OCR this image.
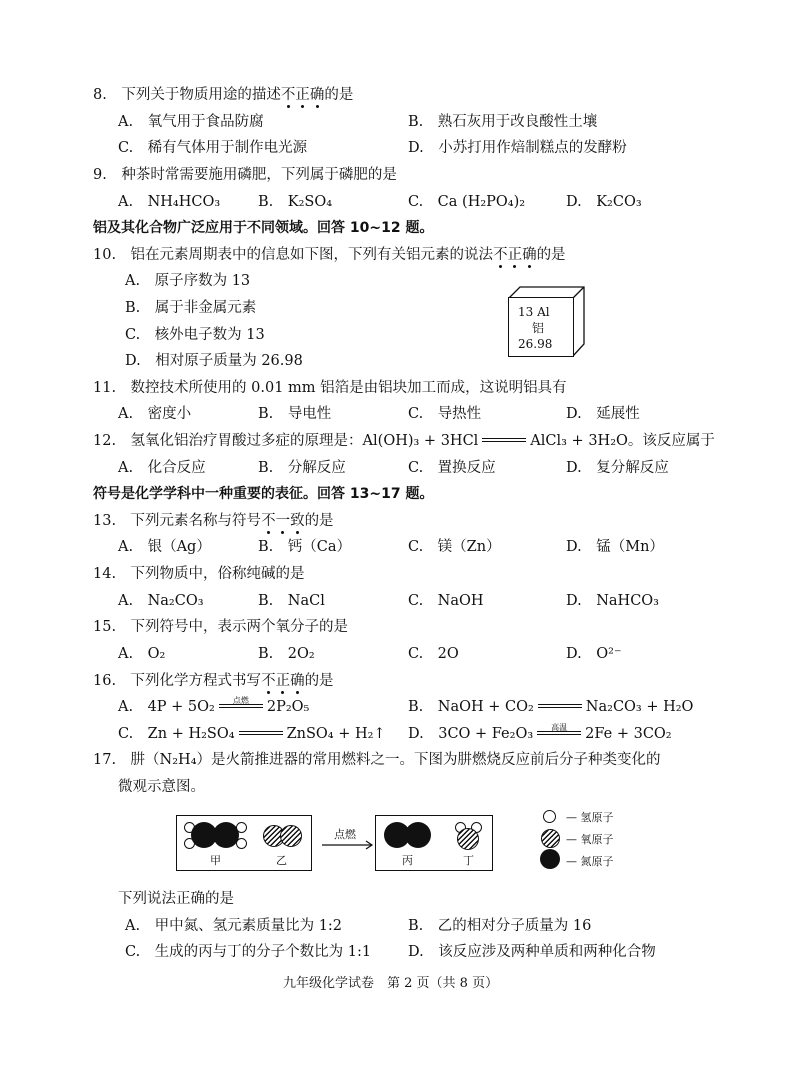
8.　下列关于物质用途的描述不正确的是
A.　氧气用于食品防腐	B.　熟石灰用于改良酸性土壤
C.　稀有气体用于制作电光源	D.　小苏打用作焙制糕点的发酵粉
9.　种茶时常需要施用磷肥，下列属于磷肥的是
A.　NH₄HCO₃	B.　K₂SO₄	C.　Ca (H₂PO₄)₂	D.　K₂CO₃
铝及其化合物广泛应用于不同领域。回答 10~12 题。
10.　铝在元素周期表中的信息如下图，下列有关铝元素的说法不正确的是
A.　原子序数为 13
B.　属于非金属元素
C.　核外电子数为 13
D.　相对原子质量为 26.98
13 Al
铝
26.98
11.　数控技术所使用的 0.01 mm 铝箔是由铝块加工而成，这说明铝具有
A.　密度小	B.　导电性	C.　导热性	D.　延展性
12.　氢氧化铝治疗胃酸过多症的原理是：Al(OH)₃ + 3HCl	AlCl₃ + 3H₂O。该反应属于
A.　化合反应	B.　分解反应	C.　置换反应	D.　复分解反应
符号是化学学科中一种重要的表征。回答 13~17 题。
13.　下列元素名称与符号不一致的是
A.　银（Ag）	B.　钙（Ca）	C.　镁（Zn）	D.　锰（Mn）
14.　下列物质中，俗称纯碱的是
A.　Na₂CO₃	B.　NaCl	C.　NaOH	D.　NaHCO₃
15.　下列符号中，表示两个氧分子的是
A.　O₂	B.　2O₂	C.　2O	D.　O²⁻
16.　下列化学方程式书写不正确的是
A.　4P + 5O₂	点燃	2P₂O₅	B.　NaOH + CO₂	Na₂CO₃ + H₂O
C.　Zn + H₂SO₄	ZnSO₄ + H₂↑ D.　3CO + Fe₂O₃	高温	2Fe + 3CO₂
17.　肼（N₂H₄）是火箭推进器的常用燃料之一。下图为肼燃烧反应前后分子种类变化的
微观示意图。
甲	乙
点燃
丙	丁
— 氢原子
— 氧原子
— 氮原子
下列说法正确的是
A.　甲中氮、氢元素质量比为 1:2	B.　乙的相对分子质量为 16
C.　生成的丙与丁的分子个数比为 1:1	D.　该反应涉及两种单质和两种化合物
九年级化学试卷　第 2 页（共 8 页）
